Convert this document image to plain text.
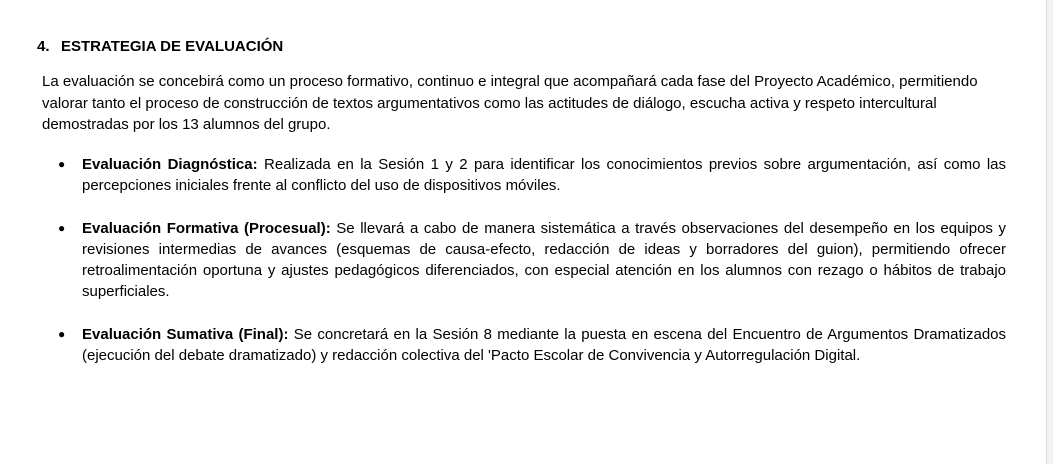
4. ESTRATEGIA DE EVALUACIÓN

La evaluación se concebirá como un proceso formativo, continuo e integral que acompañará cada fase del Proyecto Académico, permitiendo valorar tanto el proceso de construcción de textos argumentativos como las actitudes de diálogo, escucha activa y respeto intercultural demostradas por los 13 alumnos del grupo.

● Evaluación Diagnóstica: Realizada en la Sesión 1 y 2 para identificar los conocimientos previos sobre argumentación, así como las percepciones iniciales frente al conflicto del uso de dispositivos móviles.
● Evaluación Formativa (Procesual): Se llevará a cabo de manera sistemática a través observaciones del desempeño en los equipos y revisiones intermedias de avances (esquemas de causa-efecto, redacción de ideas y borradores del guion), permitiendo ofrecer retroalimentación oportuna y ajustes pedagógicos diferenciados, con especial atención en los alumnos con rezago o hábitos de trabajo superficiales.
● Evaluación Sumativa (Final): Se concretará en la Sesión 8 mediante la puesta en escena del Encuentro de Argumentos Dramatizados (ejecución del debate dramatizado) y redacción colectiva del 'Pacto Escolar de Convivencia y Autorregulación Digital.
